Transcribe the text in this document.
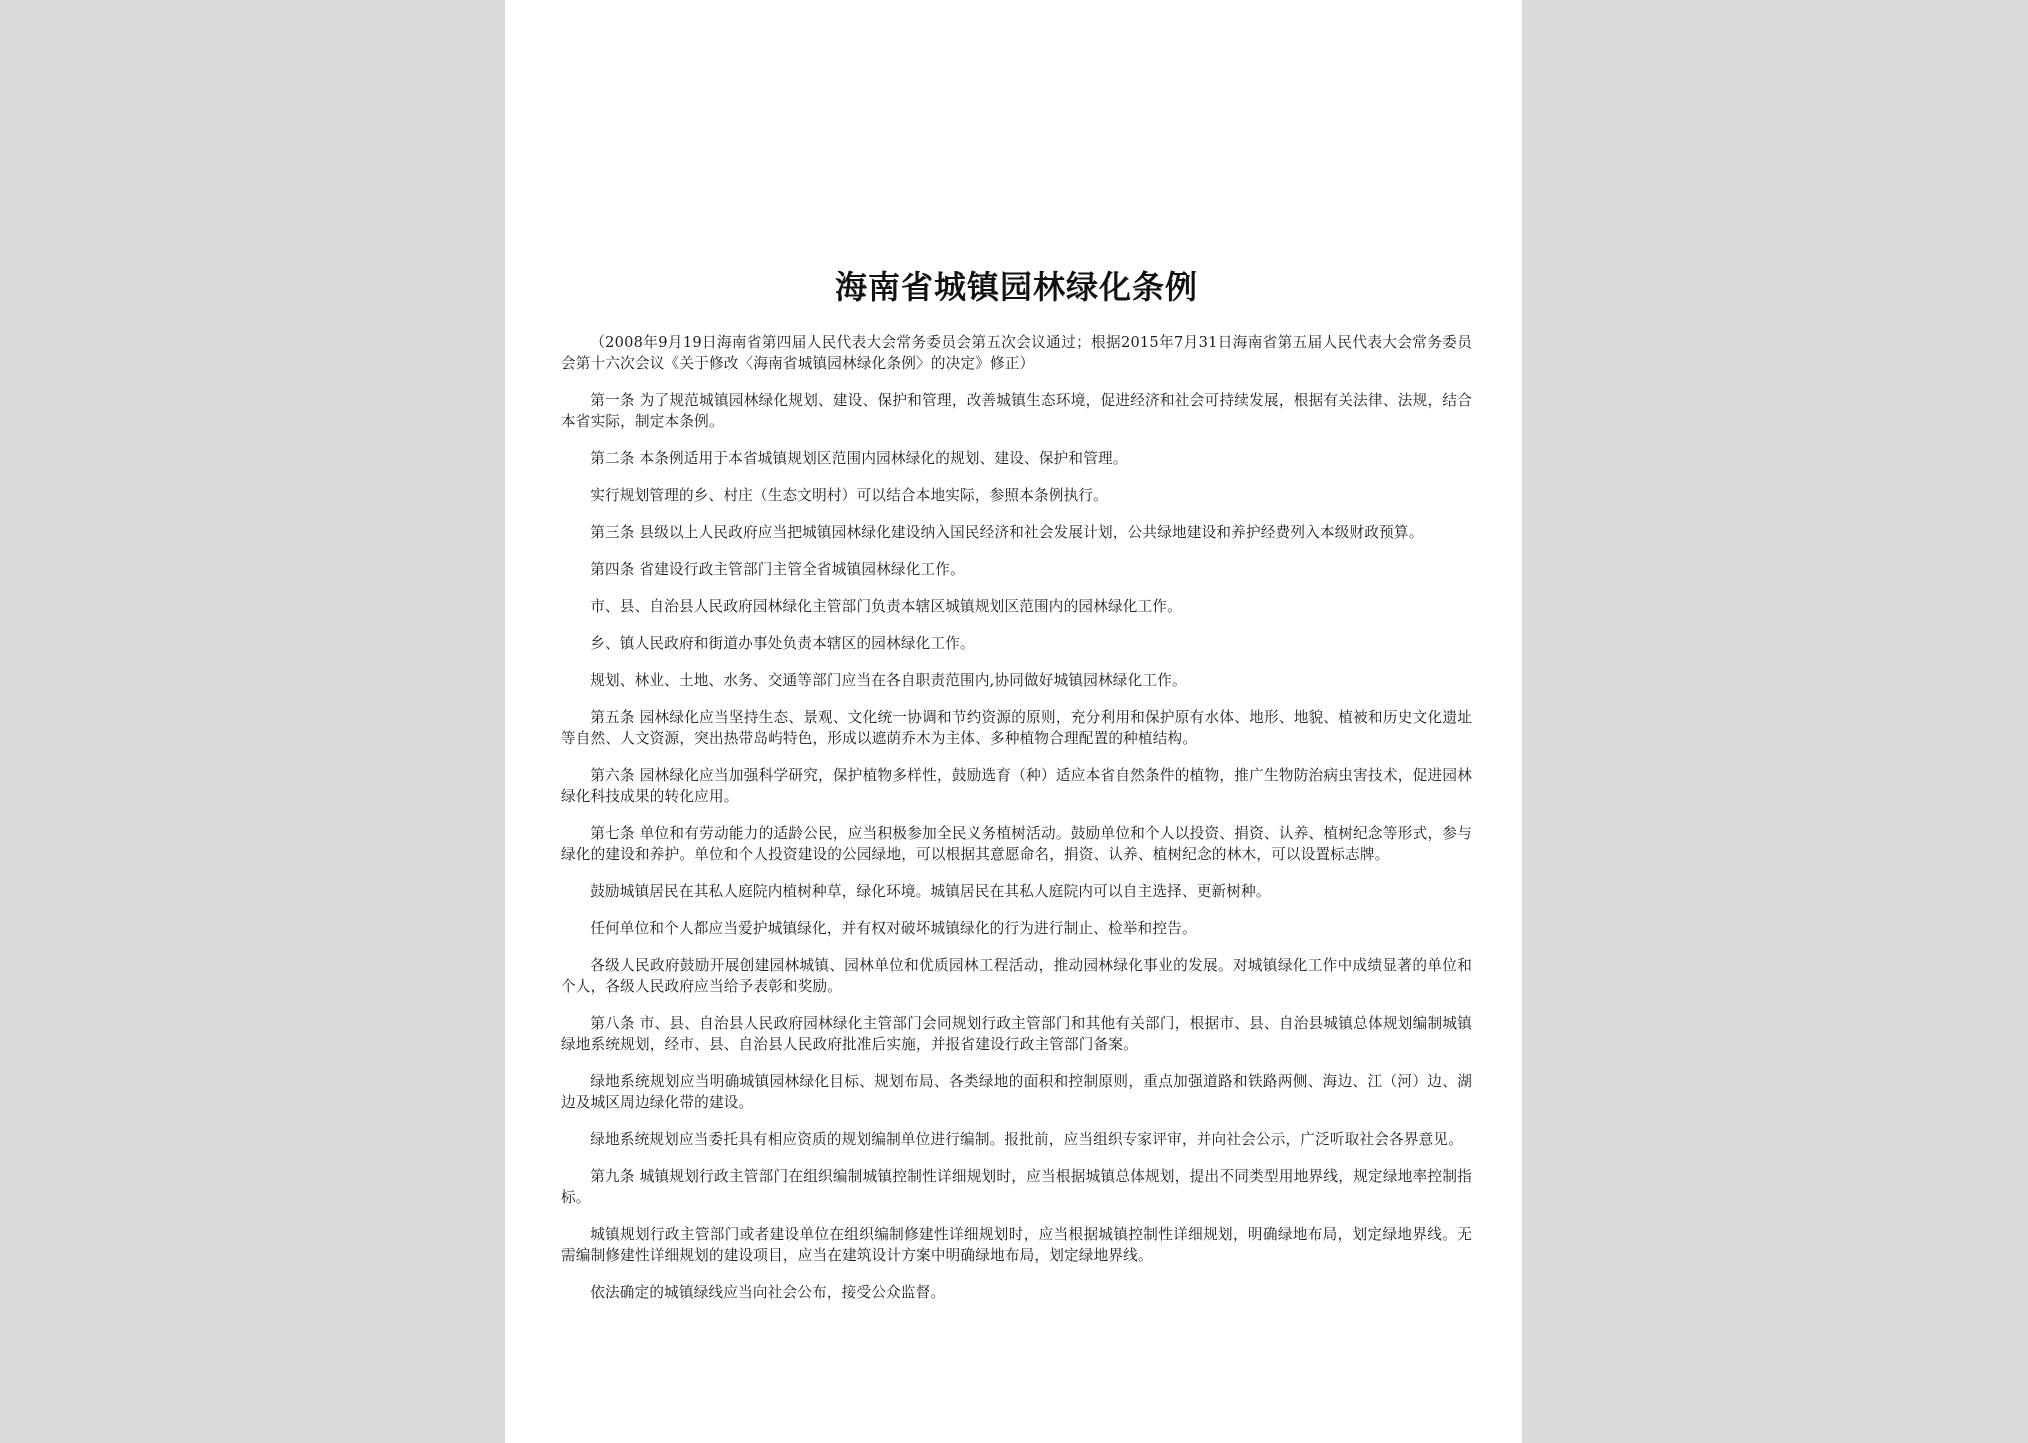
海南省城镇园林绿化条例

（2008年9月19日海南省第四届人民代表大会常务委员会第五次会议通过；根据2015年7月31日海南省第五届人民代表大会常务委员会第十六次会议《关于修改〈海南省城镇园林绿化条例〉的决定》修正）

第一条 为了规范城镇园林绿化规划、建设、保护和管理，改善城镇生态环境，促进经济和社会可持续发展，根据有关法律、法规，结合本省实际，制定本条例。

第二条 本条例适用于本省城镇规划区范围内园林绿化的规划、建设、保护和管理。

实行规划管理的乡、村庄（生态文明村）可以结合本地实际，参照本条例执行。

第三条 县级以上人民政府应当把城镇园林绿化建设纳入国民经济和社会发展计划，公共绿地建设和养护经费列入本级财政预算。

第四条 省建设行政主管部门主管全省城镇园林绿化工作。

市、县、自治县人民政府园林绿化主管部门负责本辖区城镇规划区范围内的园林绿化工作。

乡、镇人民政府和街道办事处负责本辖区的园林绿化工作。

规划、林业、土地、水务、交通等部门应当在各自职责范围内,协同做好城镇园林绿化工作。

第五条 园林绿化应当坚持生态、景观、文化统一协调和节约资源的原则，充分利用和保护原有水体、地形、地貌、植被和历史文化遗址等自然、人文资源，突出热带岛屿特色，形成以遮荫乔木为主体、多种植物合理配置的种植结构。

第六条 园林绿化应当加强科学研究，保护植物多样性，鼓励选育（种）适应本省自然条件的植物，推广生物防治病虫害技术，促进园林绿化科技成果的转化应用。

第七条 单位和有劳动能力的适龄公民，应当积极参加全民义务植树活动。鼓励单位和个人以投资、捐资、认养、植树纪念等形式，参与绿化的建设和养护。单位和个人投资建设的公园绿地，可以根据其意愿命名，捐资、认养、植树纪念的林木，可以设置标志牌。

鼓励城镇居民在其私人庭院内植树种草，绿化环境。城镇居民在其私人庭院内可以自主选择、更新树种。

任何单位和个人都应当爱护城镇绿化，并有权对破坏城镇绿化的行为进行制止、检举和控告。

各级人民政府鼓励开展创建园林城镇、园林单位和优质园林工程活动，推动园林绿化事业的发展。对城镇绿化工作中成绩显著的单位和个人，各级人民政府应当给予表彰和奖励。

第八条 市、县、自治县人民政府园林绿化主管部门会同规划行政主管部门和其他有关部门，根据市、县、自治县城镇总体规划编制城镇绿地系统规划，经市、县、自治县人民政府批准后实施，并报省建设行政主管部门备案。

绿地系统规划应当明确城镇园林绿化目标、规划布局、各类绿地的面积和控制原则，重点加强道路和铁路两侧、海边、江（河）边、湖边及城区周边绿化带的建设。

绿地系统规划应当委托具有相应资质的规划编制单位进行编制。报批前，应当组织专家评审，并向社会公示，广泛听取社会各界意见。

第九条 城镇规划行政主管部门在组织编制城镇控制性详细规划时，应当根据城镇总体规划，提出不同类型用地界线，规定绿地率控制指标。

城镇规划行政主管部门或者建设单位在组织编制修建性详细规划时，应当根据城镇控制性详细规划，明确绿地布局，划定绿地界线。无需编制修建性详细规划的建设项目，应当在建筑设计方案中明确绿地布局，划定绿地界线。

依法确定的城镇绿线应当向社会公布，接受公众监督。
